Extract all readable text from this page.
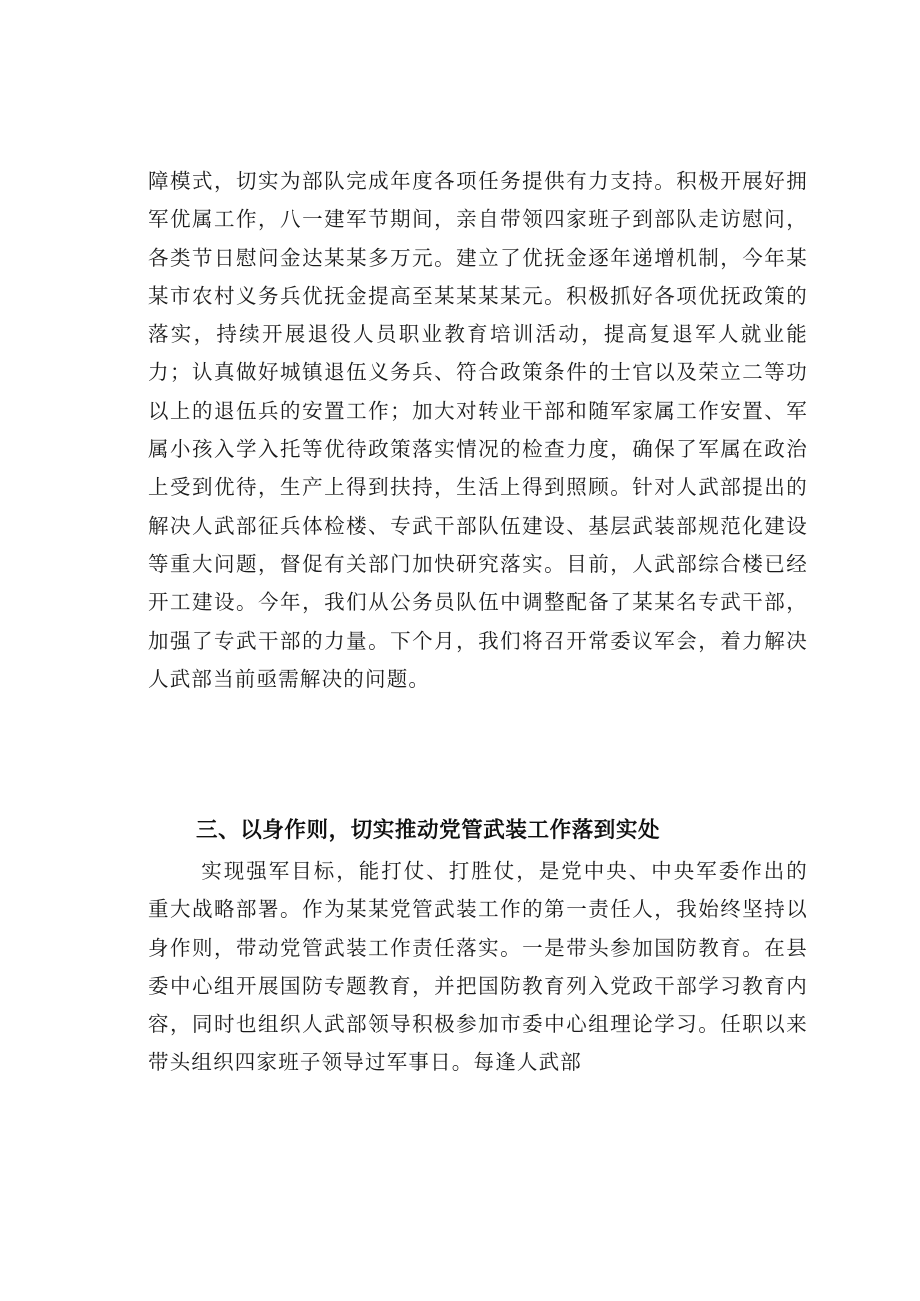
障模式，切实为部队完成年度各项任务提供有力支持。积极开展好拥军优属工作，八一建军节期间，亲自带领四家班子到部队走访慰问，各类节日慰问金达某某多万元。建立了优抚金逐年递增机制，今年某某市农村义务兵优抚金提高至某某某某元。积极抓好各项优抚政策的落实，持续开展退役人员职业教育培训活动，提高复退军人就业能力；认真做好城镇退伍义务兵、符合政策条件的士官以及荣立二等功以上的退伍兵的安置工作；加大对转业干部和随军家属工作安置、军属小孩入学入托等优待政策落实情况的检查力度，确保了军属在政治上受到优待，生产上得到扶持，生活上得到照顾。针对人武部提出的解决人武部征兵体检楼、专武干部队伍建设、基层武装部规范化建设等重大问题，督促有关部门加快研究落实。目前，人武部综合楼已经开工建设。今年，我们从公务员队伍中调整配备了某某名专武干部，加强了专武干部的力量。下个月，我们将召开常委议军会，着力解决人武部当前亟需解决的问题。

三、以身作则，切实推动党管武装工作落到实处

实现强军目标，能打仗、打胜仗，是党中央、中央军委作出的重大战略部署。作为某某党管武装工作的第一责任人，我始终坚持以身作则，带动党管武装工作责任落实。一是带头参加国防教育。在县委中心组开展国防专题教育，并把国防教育列入党政干部学习教育内容，同时也组织人武部领导积极参加市委中心组理论学习。任职以来带头组织四家班子领导过军事日。每逢人武部
